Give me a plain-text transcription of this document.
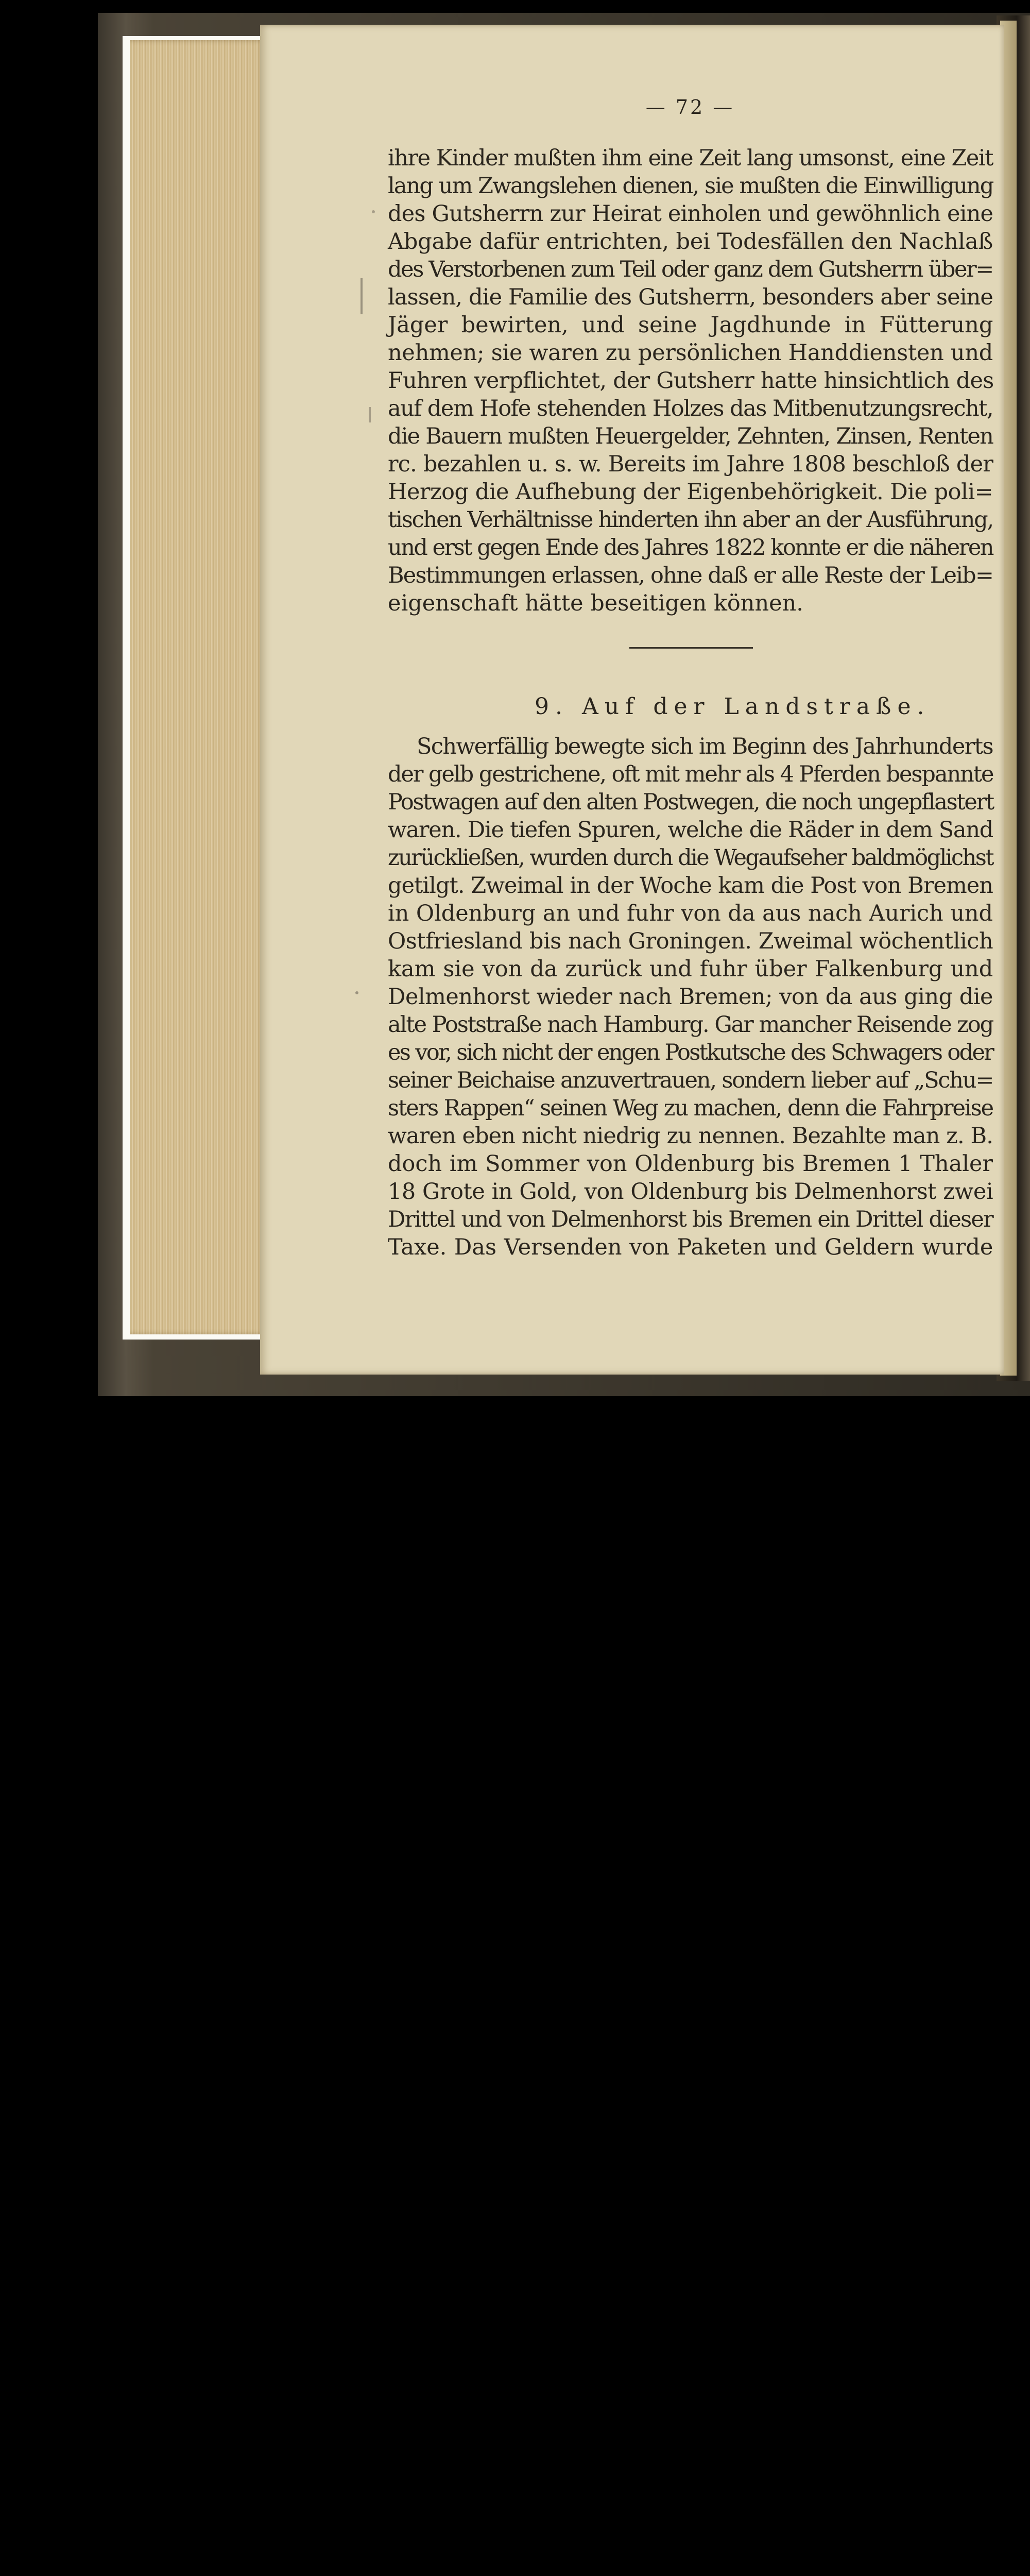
— 72 —
ihre Kinder mußten ihm eine Zeit lang umsonst, eine Zeit
lang um Zwangslehen dienen, sie mußten die Einwilligung
des Gutsherrn zur Heirat einholen und gewöhnlich eine
Abgabe dafür entrichten, bei Todesfällen den Nachlaß
des Verstorbenen zum Teil oder ganz dem Gutsherrn über=
lassen, die Familie des Gutsherrn, besonders aber seine
Jäger bewirten, und seine Jagdhunde in Fütterung
nehmen; sie waren zu persönlichen Handdiensten und
Fuhren verpflichtet, der Gutsherr hatte hinsichtlich des
auf dem Hofe stehenden Holzes das Mitbenutzungsrecht,
die Bauern mußten Heuergelder, Zehnten, Zinsen, Renten
rc. bezahlen u. s. w. Bereits im Jahre 1808 beschloß der
Herzog die Aufhebung der Eigenbehörigkeit. Die poli=
tischen Verhältnisse hinderten ihn aber an der Ausführung,
und erst gegen Ende des Jahres 1822 konnte er die näheren
Bestimmungen erlassen, ohne daß er alle Reste der Leib=
eigenschaft hätte beseitigen können.
9. Auf der Landstraße.
Schwerfällig bewegte sich im Beginn des Jahrhunderts
der gelb gestrichene, oft mit mehr als 4 Pferden bespannte
Postwagen auf den alten Postwegen, die noch ungepflastert
waren. Die tiefen Spuren, welche die Räder in dem Sand
zurückließen, wurden durch die Wegaufseher baldmöglichst
getilgt. Zweimal in der Woche kam die Post von Bremen
in Oldenburg an und fuhr von da aus nach Aurich und
Ostfriesland bis nach Groningen. Zweimal wöchentlich
kam sie von da zurück und fuhr über Falkenburg und
Delmenhorst wieder nach Bremen; von da aus ging die
alte Poststraße nach Hamburg. Gar mancher Reisende zog
es vor, sich nicht der engen Postkutsche des Schwagers oder
seiner Beichaise anzuvertrauen, sondern lieber auf „Schu=
sters Rappen“ seinen Weg zu machen, denn die Fahrpreise
waren eben nicht niedrig zu nennen. Bezahlte man z. B.
doch im Sommer von Oldenburg bis Bremen 1 Thaler
18 Grote in Gold, von Oldenburg bis Delmenhorst zwei
Drittel und von Delmenhorst bis Bremen ein Drittel dieser
Taxe. Das Versenden von Paketen und Geldern wurde
